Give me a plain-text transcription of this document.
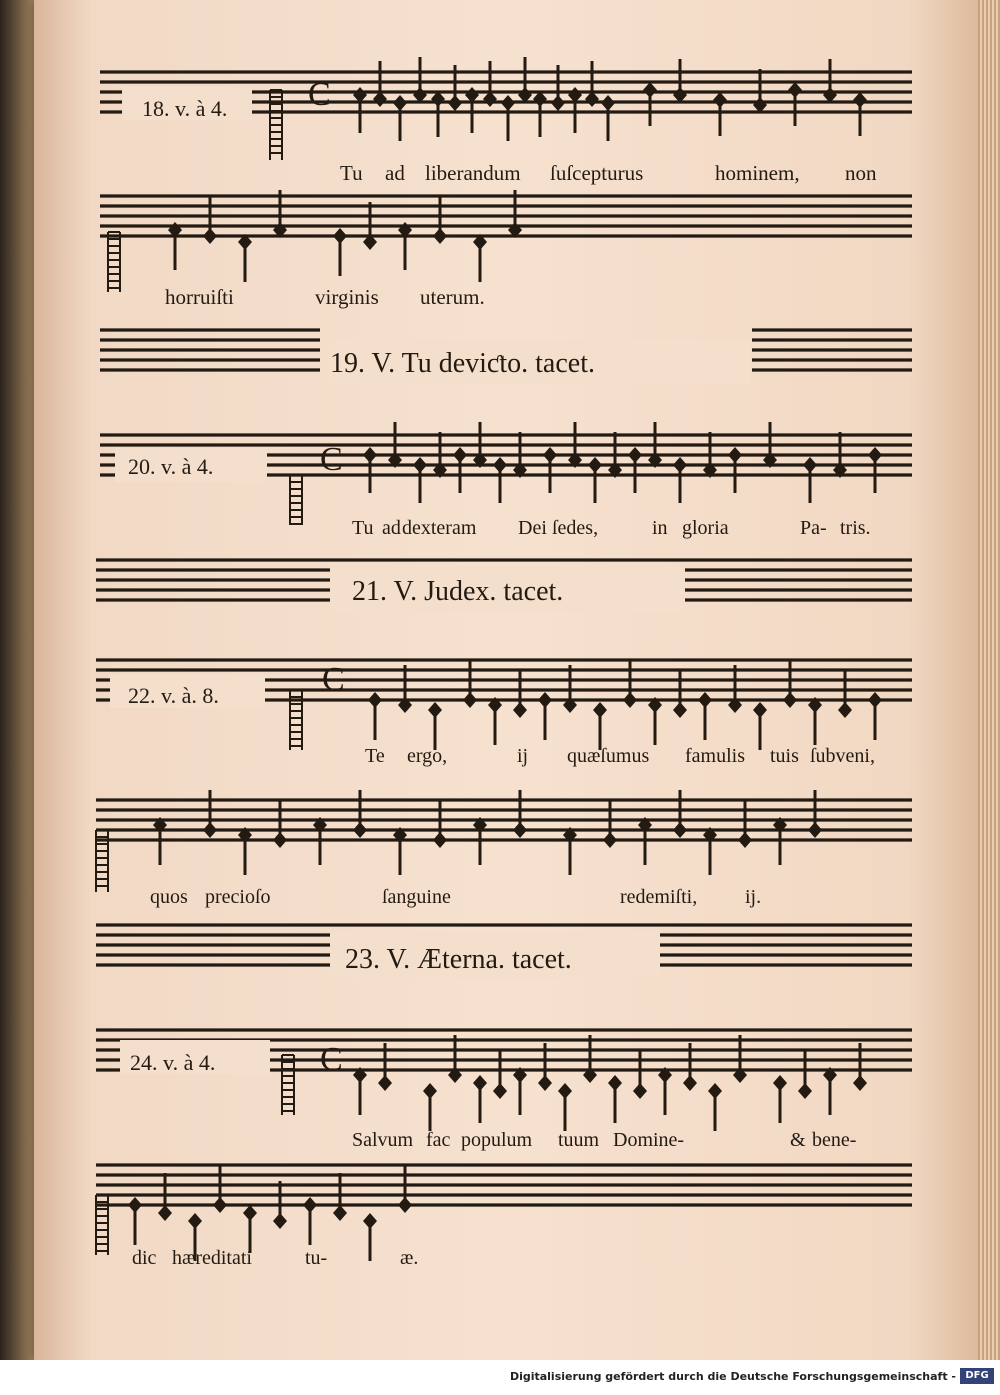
C
C
C
C
18. v. à 4.
20. v. à 4.
22. v. à. 8.
24. v. à 4.
19. V. Tu deviƈto. tacet.
21. V. Judex. tacet.
23. V. Æterna. tacet.
Tu ad liberandum ſuſcepturus	hominem, non
horruiſti	virginis uterum.
Tu ad dexteram Dei ſedes,	in gloria	Pa- tris.
Te ergo,	ij quæſumus famulis tuis ſubveni,
quos precioſo	ſanguine	redemiſti, ij.
Salvum fac populum tuum Domine-	& bene-
dic hæreditati	tu-	æ.
Digitalisierung gefördert durch die Deutsche Forschungsgemeinschaft - DFG
